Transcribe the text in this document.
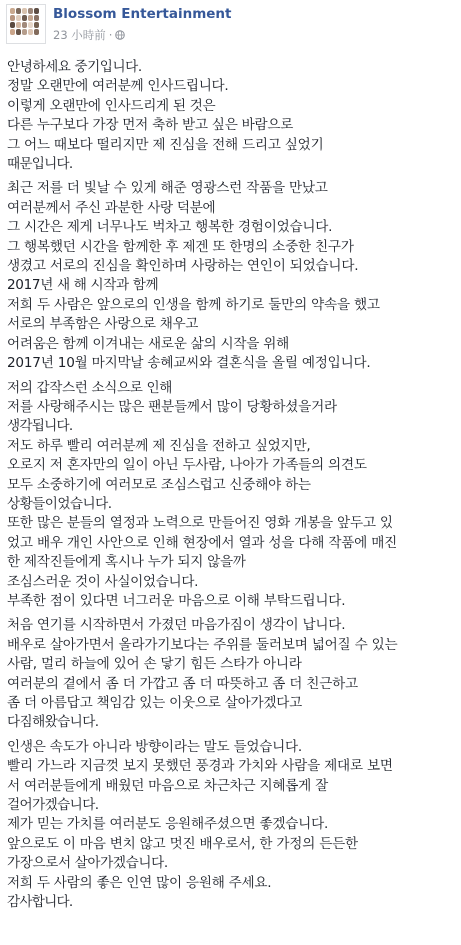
Blossom Entertainment
23 小時前 ·
안녕하세요 중기입니다.
정말 오랜만에 여러분께 인사드립니다.
이렇게 오랜만에 인사드리게 된 것은
다른 누구보다 가장 먼저 축하 받고 싶은 바람으로
그 어느 때보다 떨리지만 제 진심을 전해 드리고 싶었기
때문입니다.
최근 저를 더 빛날 수 있게 해준 영광스런 작품을 만났고
여러분께서 주신 과분한 사랑 덕분에
그 시간은 제게 너무나도 벅차고 행복한 경험이었습니다.
그 행복했던 시간을 함께한 후 제겐 또 한명의 소중한 친구가
생겼고 서로의 진심을 확인하며 사랑하는 연인이 되었습니다.
2017년 새 해 시작과 함께
저희 두 사람은 앞으로의 인생을 함께 하기로 둘만의 약속을 했고
서로의 부족함은 사랑으로 채우고
어려움은 함께 이겨내는 새로운 삶의 시작을 위해
2017년 10월 마지막날 송혜교씨와 결혼식을 올릴 예정입니다.
저의 갑작스런 소식으로 인해
저를 사랑해주시는 많은 팬분들께서 많이 당황하셨을거라
생각됩니다.
저도 하루 빨리 여러분께 제 진심을 전하고 싶었지만,
오로지 저 혼자만의 일이 아닌 두사람, 나아가 가족들의 의견도
모두 소중하기에 여러모로 조심스럽고 신중해야 하는
상황들이었습니다.
또한 많은 분들의 열정과 노력으로 만들어진 영화 개봉을 앞두고 있
었고 배우 개인 사안으로 인해 현장에서 열과 성을 다해 작품에 매진
한 제작진들에게 혹시나 누가 되지 않을까
조심스러운 것이 사실이었습니다.
부족한 점이 있다면 너그러운 마음으로 이해 부탁드립니다.
처음 연기를 시작하면서 가졌던 마음가짐이 생각이 납니다.
배우로 살아가면서 올라가기보다는 주위를 둘러보며 넓어질 수 있는
사람, 멀리 하늘에 있어 손 닿기 힘든 스타가 아니라
여러분의 곁에서 좀 더 가깝고 좀 더 따뜻하고 좀 더 친근하고
좀 더 아름답고 책임감 있는 이웃으로 살아가겠다고
다짐해왔습니다.
인생은 속도가 아니라 방향이라는 말도 들었습니다.
빨리 가느라 지금껏 보지 못했던 풍경과 가치와 사람을 제대로 보면
서 여러분들에게 배웠던 마음으로 차근차근 지혜롭게 잘
걸어가겠습니다.
제가 믿는 가치를 여러분도 응원해주셨으면 좋겠습니다.
앞으로도 이 마음 변치 않고 멋진 배우로서, 한 가정의 든든한
가장으로서 살아가겠습니다.
저희 두 사람의 좋은 인연 많이 응원해 주세요.
감사합니다.
